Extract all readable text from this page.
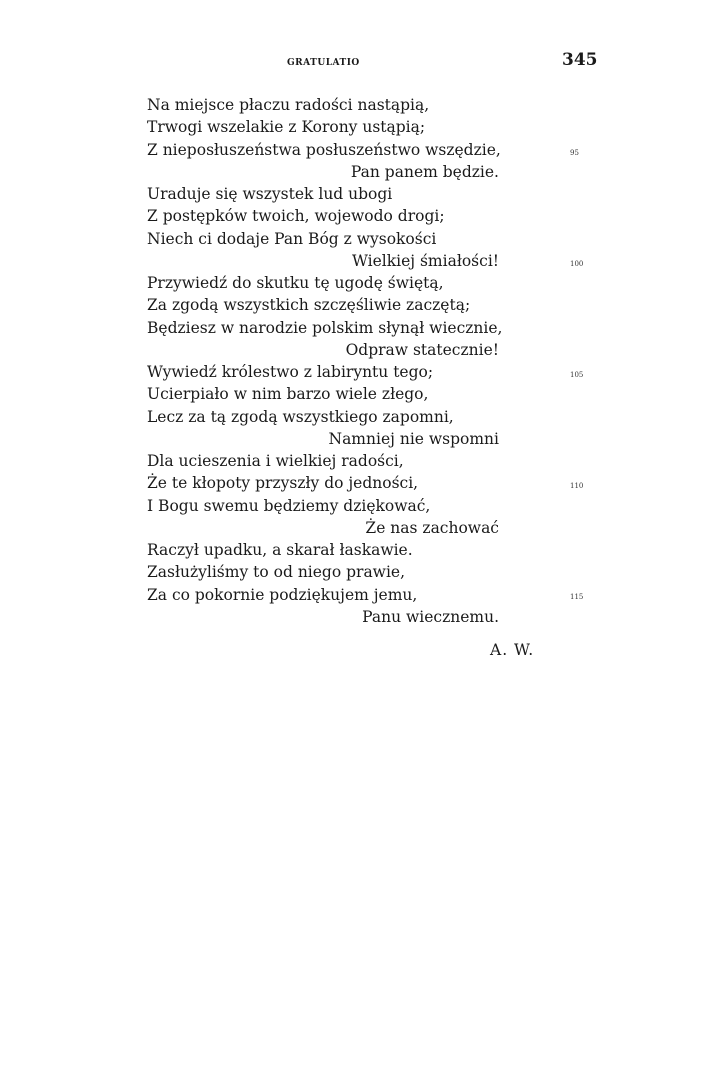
GRATULATIO	345
Na miejsce płaczu radości nastąpią,
Trwogi wszelakie z Korony ustąpią;
Z nieposłuszeństwa posłuszeństwo wszędzie,
Pan panem będzie.
Uraduje się wszystek lud ubogi
Z postępków twoich, wojewodo drogi;
Niech ci dodaje Pan Bóg z wysokości
Wielkiej śmiałości!
Przywiedź do skutku tę ugodę świętą,
Za zgodą wszystkich szczęśliwie zaczętą;
Będziesz w narodzie polskim słynął wiecznie,
Odpraw statecznie!
Wywiedź królestwo z labiryntu tego;
Ucierpiało w nim barzo wiele złego,
Lecz za tą zgodą wszystkiego zapomni,
Namniej nie wspomni
Dla ucieszenia i wielkiej radości,
Że te kłopoty przyszły do jedności,
I Bogu swemu będziemy dziękować,
Że nas zachować
Raczył upadku, a skarał łaskawie.
Zasłużyliśmy to od niego prawie,
Za co pokornie podziękujem jemu,
Panu wiecznemu.
95
100
105
110
115
A. W.
